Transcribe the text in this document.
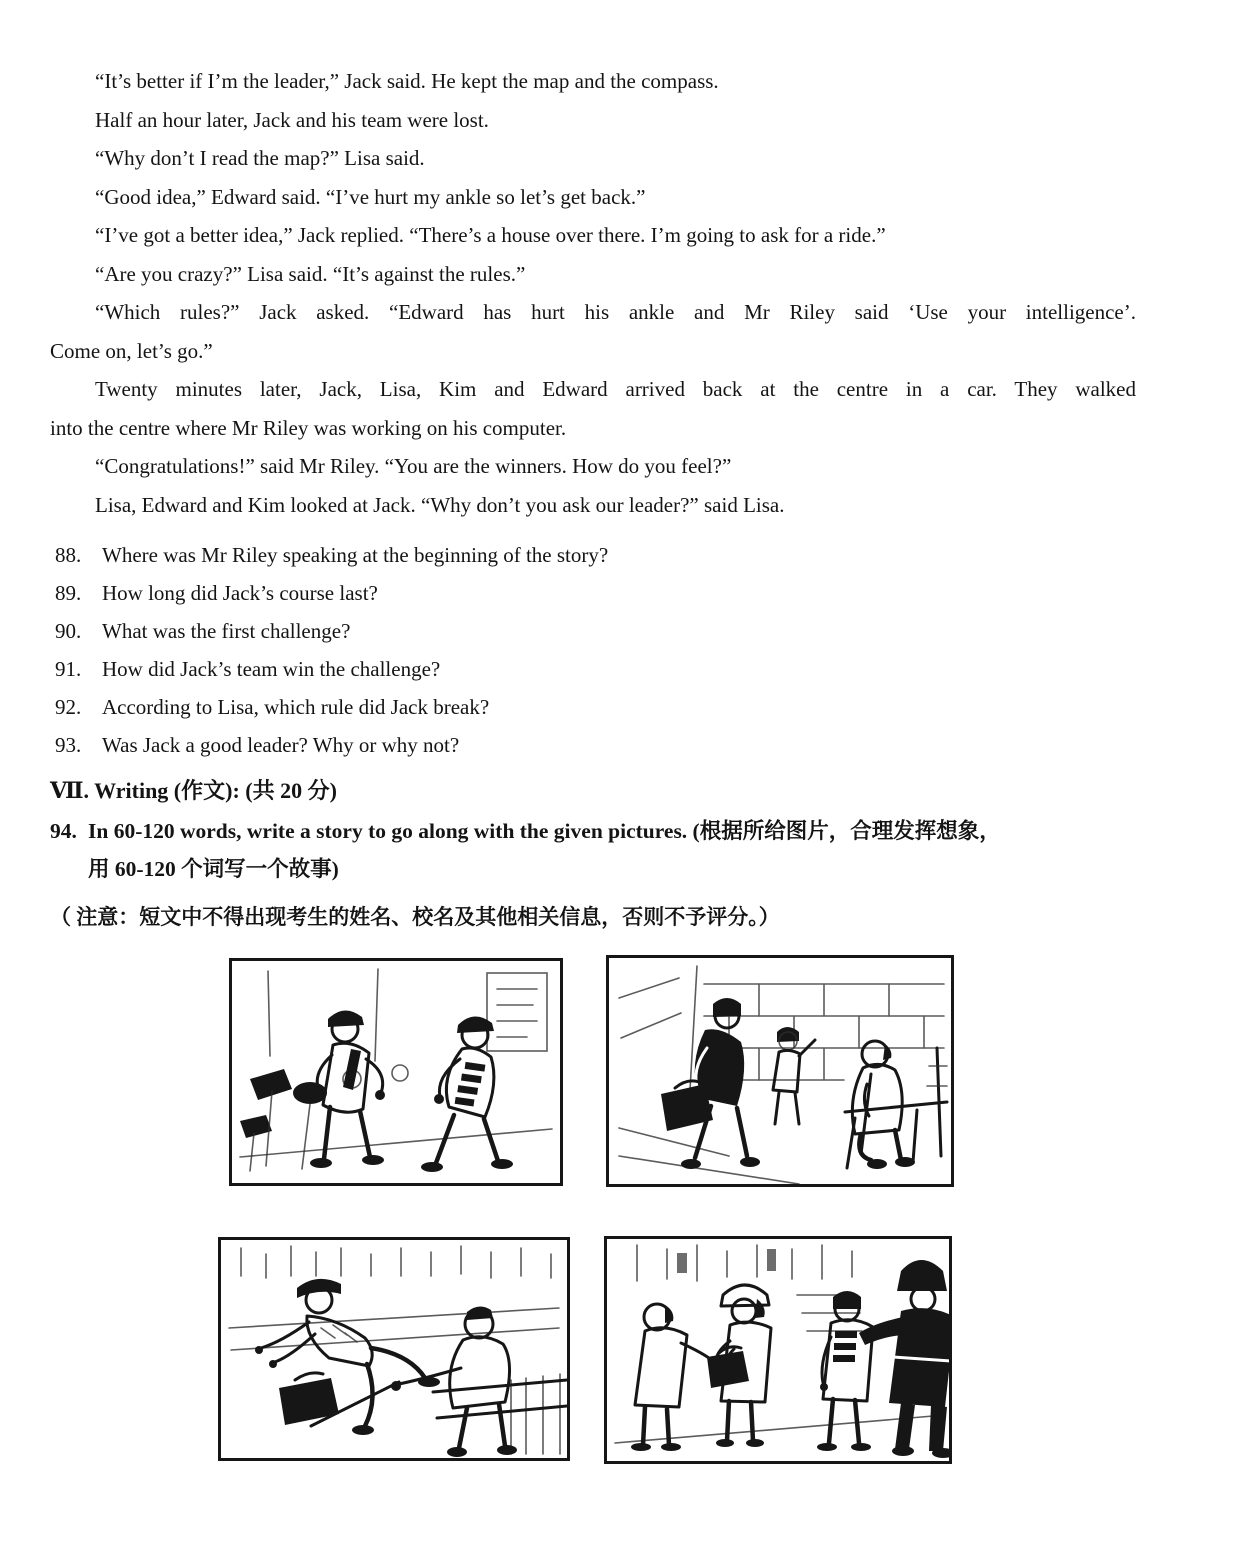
“It’s better if I’m the leader,” Jack said. He kept the map and the compass.

Half an hour later, Jack and his team were lost.

“Why don’t I read the map?” Lisa said.

“Good idea,” Edward said. “I’ve hurt my ankle so let’s get back.”

“I’ve got a better idea,” Jack replied. “There’s a house over there. I’m going to ask for a ride.”

“Are you crazy?” Lisa said. “It’s against the rules.”

“Which rules?” Jack asked. “Edward has hurt his ankle and Mr Riley said ‘Use your intelligence’.

Come on, let’s go.”

Twenty minutes later, Jack, Lisa, Kim and Edward arrived back at the centre in a car. They walked

into the centre where Mr Riley was working on his computer.

“Congratulations!” said Mr Riley. “You are the winners. How do you feel?”

Lisa, Edward and Kim looked at Jack. “Why don’t you ask our leader?” said Lisa.

88. Where was Mr Riley speaking at the beginning of the story?

89. How long did Jack’s course last?

90. What was the first challenge?

91. How did Jack’s team win the challenge?

92. According to Lisa, which rule did Jack break?

93. Was Jack a good leader? Why or why not?

Ⅶ. Writing (作文): (共 20 分)

94. In 60-120 words, write a story to go along with the given pictures. (根据所给图片，合理发挥想象，

用 60-120 个词写一个故事)

（ 注意：短文中不得出现考生的姓名、校名及其他相关信息，否则不予评分。）
